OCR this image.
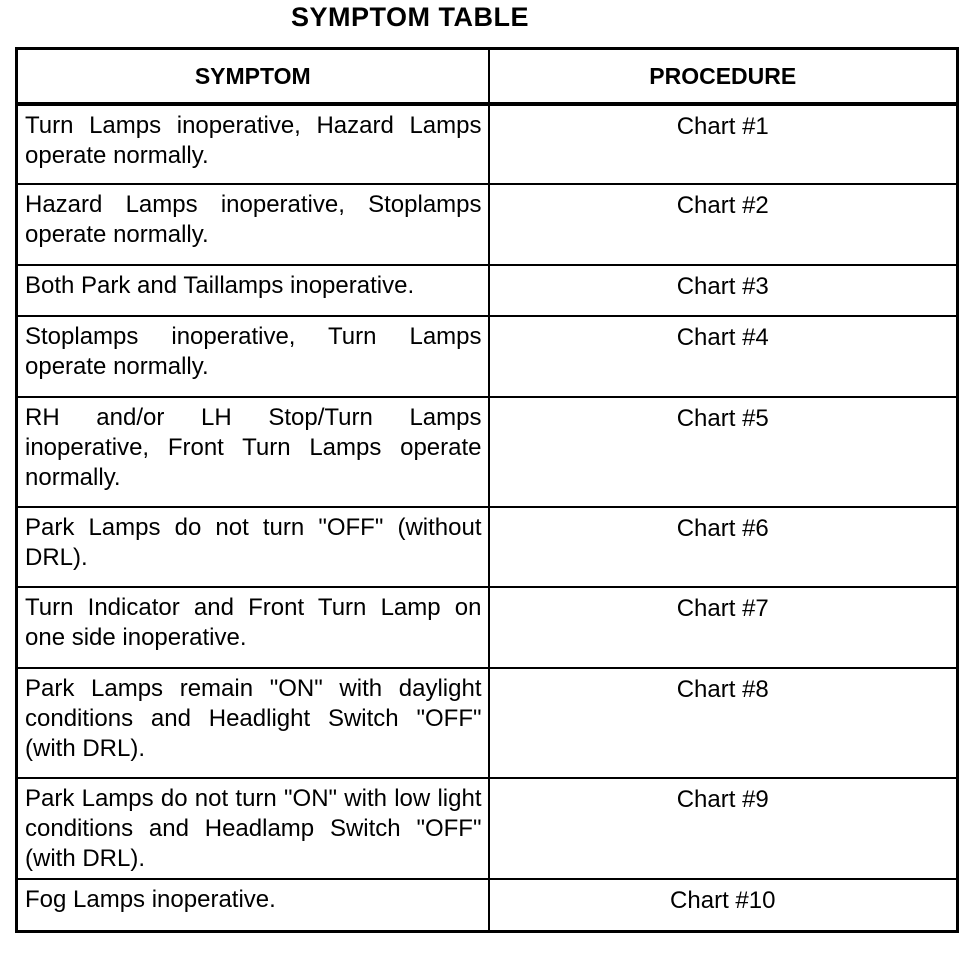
SYMPTOM TABLE
SYMPTOM	PROCEDURE
Turn Lamps inoperative, Hazard Lamps operate normally.	Chart #1
Hazard Lamps inoperative, Stoplamps operate normally.	Chart #2
Both Park and Taillamps inoperative.	Chart #3
Stoplamps inoperative, Turn Lamps operate normally.	Chart #4
RH and/or LH Stop/Turn Lamps inoperative, Front Turn Lamps operate normally.	Chart #5
Park Lamps do not turn "OFF" (without DRL).	Chart #6
Turn Indicator and Front Turn Lamp on one side inoperative.	Chart #7
Park Lamps remain "ON" with daylight conditions and Headlight Switch "OFF" (with DRL).	Chart #8
Park Lamps do not turn "ON" with low light conditions and Headlamp Switch "OFF" (with DRL).	Chart #9
Fog Lamps inoperative.	Chart #10
